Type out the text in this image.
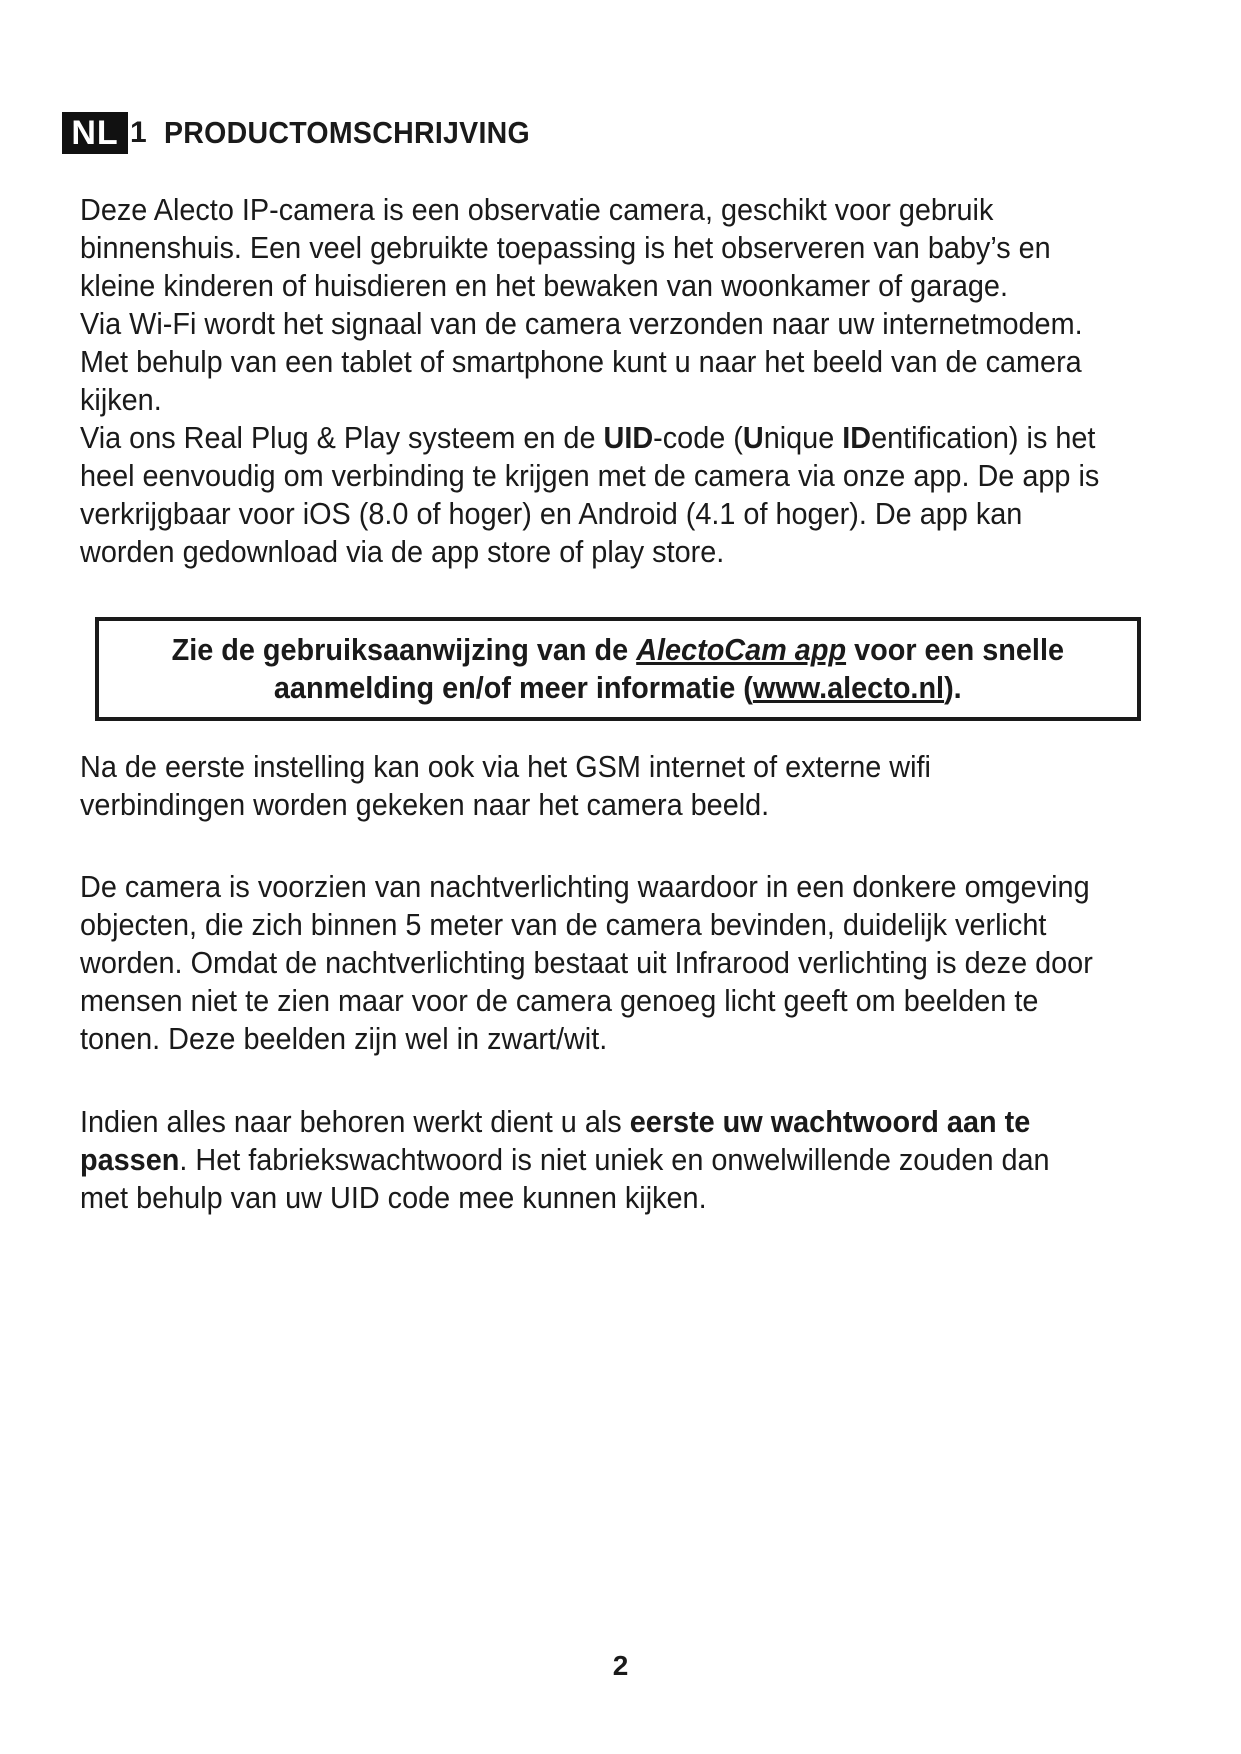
NL 1 PRODUCTOMSCHRIJVING

Deze Alecto IP-camera is een observatie camera, geschikt voor gebruik binnenshuis. Een veel gebruikte toepassing is het observeren van baby’s en kleine kinderen of huisdieren en het bewaken van woonkamer of garage.

Via Wi-Fi wordt het signaal van de camera verzonden naar uw internetmodem. Met behulp van een tablet of smartphone kunt u naar het beeld van de camera kijken.

Via ons Real Plug & Play systeem en de UID-code (Unique IDentification) is het heel eenvoudig om verbinding te krijgen met de camera via onze app. De app is verkrijgbaar voor iOS (8.0 of hoger) en Android (4.1 of hoger). De app kan worden gedownload via de app store of play store.

Zie de gebruiksaanwijzing van de AlectoCam app voor een snelle
aanmelding en/of meer informatie (www.alecto.nl).

Na de eerste instelling kan ook via het GSM internet of externe wifi verbindingen worden gekeken naar het camera beeld.

De camera is voorzien van nachtverlichting waardoor in een donkere omgeving objecten, die zich binnen 5 meter van de camera bevinden, duidelijk verlicht worden. Omdat de nachtverlichting bestaat uit Infrarood verlichting is deze door mensen niet te zien maar voor de camera genoeg licht geeft om beelden te tonen. Deze beelden zijn wel in zwart/wit.

Indien alles naar behoren werkt dient u als eerste uw wachtwoord aan te passen. Het fabriekswachtwoord is niet uniek en onwelwillende zouden dan met behulp van uw UID code mee kunnen kijken.

2
